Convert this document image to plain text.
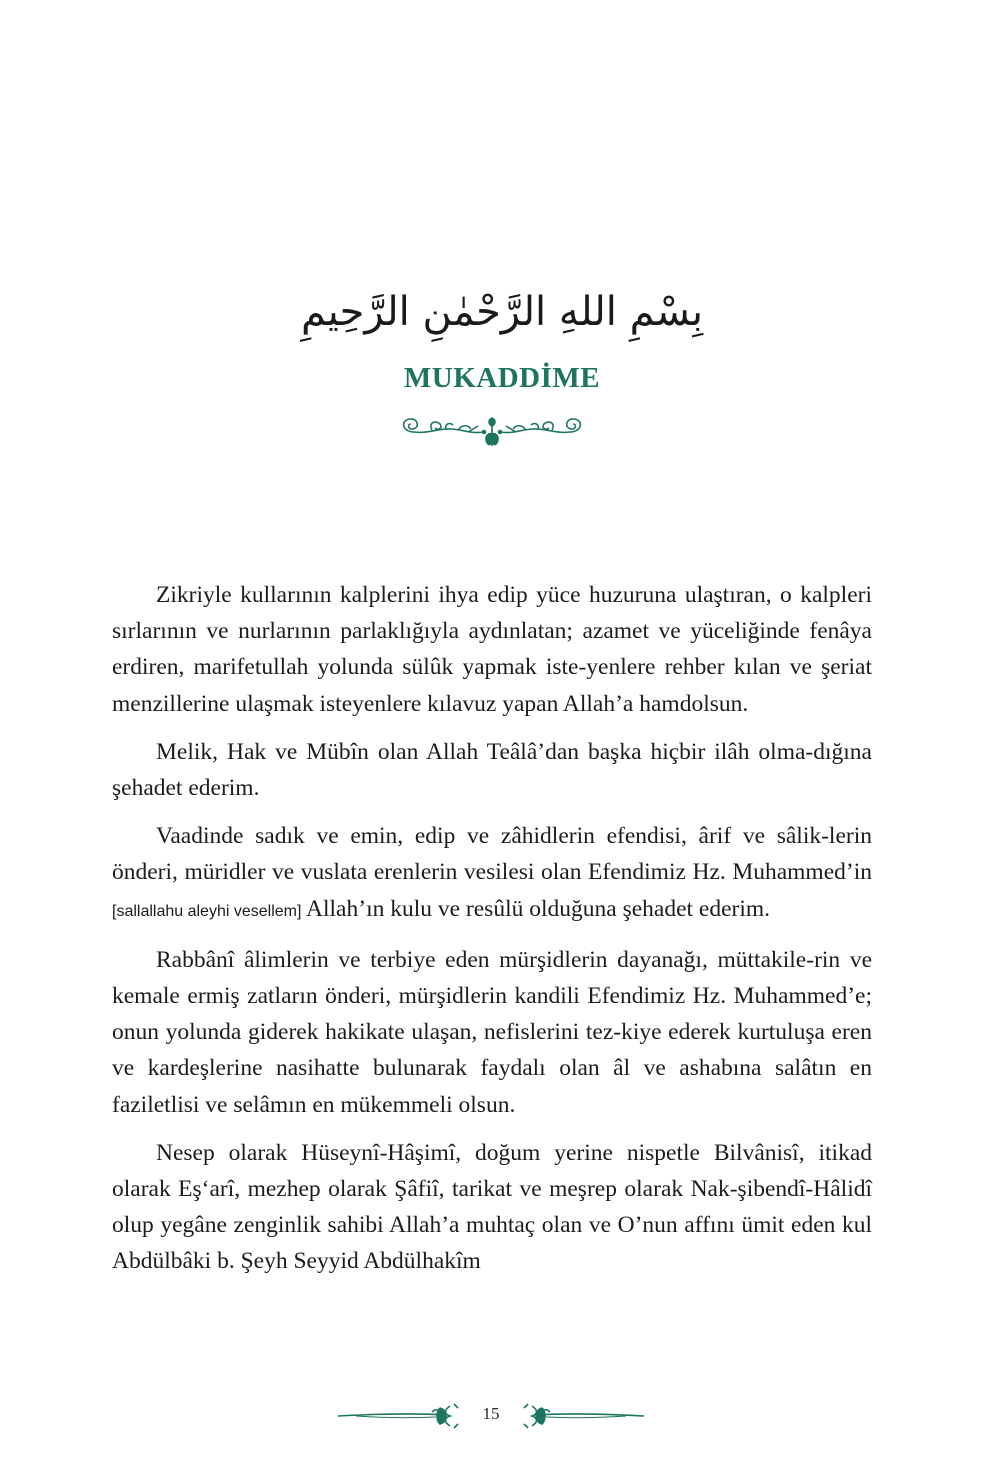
بِسْمِ اللهِ الرَّحْمٰنِ الرَّحِيمِ
MUKADDİME

Zikriyle kullarının kalplerini ihya edip yüce huzuruna ulaştıran, o kalpleri sırlarının ve nurlarının parlaklığıyla aydınlatan; azamet ve yüceliğinde fenâya erdiren, marifetullah yolunda sülûk yapmak iste-yenlere rehber kılan ve şeriat menzillerine ulaşmak isteyenlere kılavuz yapan Allah’a hamdolsun.

Melik, Hak ve Mübîn olan Allah Teâlâ’dan başka hiçbir ilâh olma-dığına şehadet ederim.

Vaadinde sadık ve emin, edip ve zâhidlerin efendisi, ârif ve sâlik-lerin önderi, müridler ve vuslata erenlerin vesilesi olan Efendimiz Hz. Muhammed’in [sallallahu aleyhi vesellem] Allah’ın kulu ve resûlü olduğuna şehadet ederim.

Rabbânî âlimlerin ve terbiye eden mürşidlerin dayanağı, müttakile-rin ve kemale ermiş zatların önderi, mürşidlerin kandili Efendimiz Hz. Muhammed’e; onun yolunda giderek hakikate ulaşan, nefislerini tez-kiye ederek kurtuluşa eren ve kardeşlerine nasihatte bulunarak faydalı olan âl ve ashabına salâtın en faziletlisi ve selâmın en mükemmeli olsun.

Nesep olarak Hüseynî-Hâşimî, doğum yerine nispetle Bilvânisî, itikad olarak Eş‘arî, mezhep olarak Şâfiî, tarikat ve meşrep olarak Nak-şibendî-Hâlidî olup yegâne zenginlik sahibi Allah’a muhtaç olan ve O’nun affını ümit eden kul Abdülbâki b. Şeyh Seyyid Abdülhakîm

15
